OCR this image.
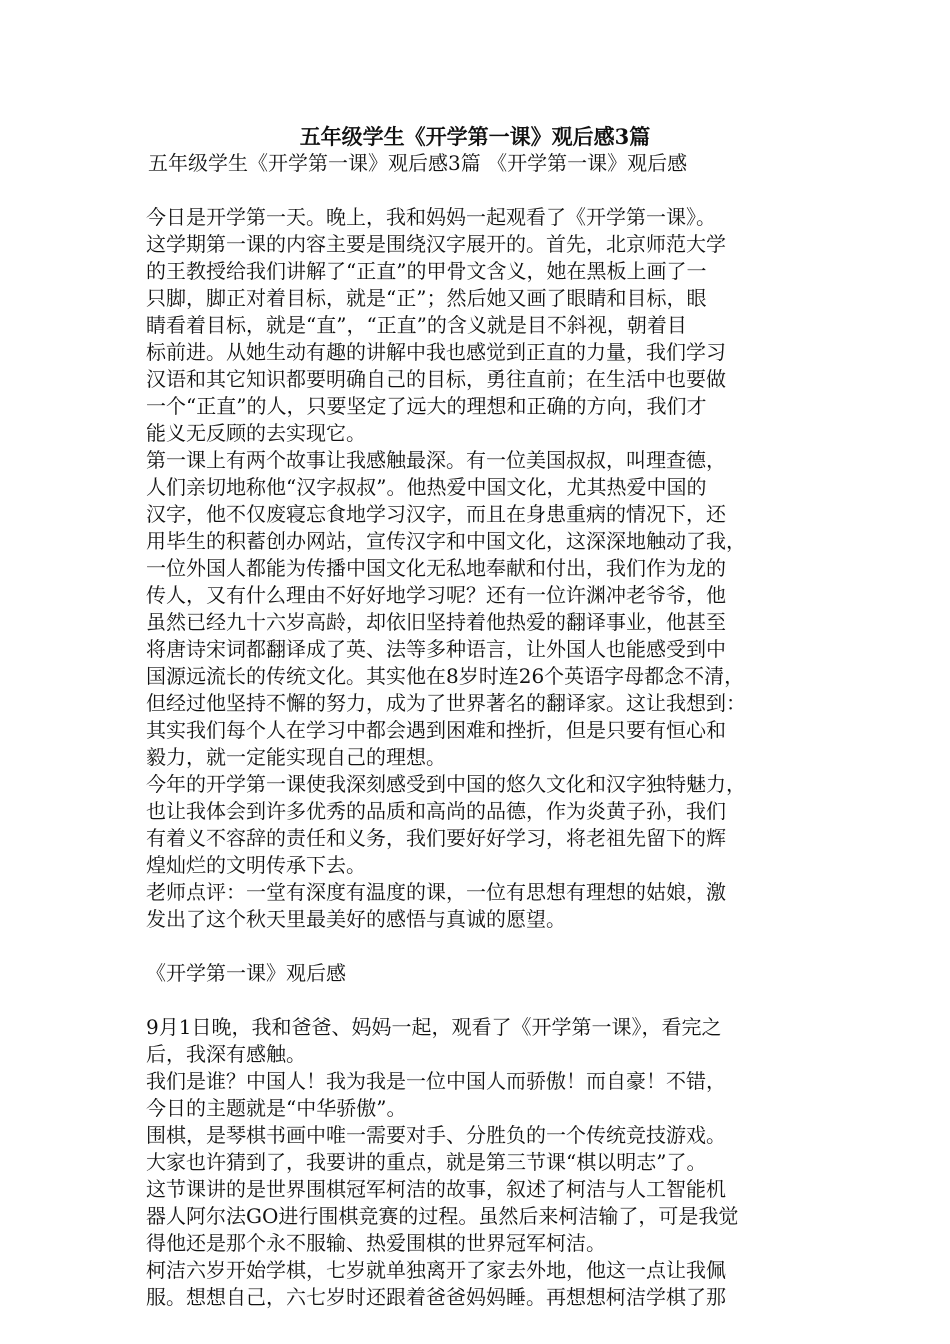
五年级学生《开学第一课》观后感3篇
五年级学生《开学第一课》观后感3篇 《开学第一课》观后感
今日是开学第一天。晚上，我和妈妈一起观看了《开学第一课》。
这学期第一课的内容主要是围绕汉字展开的。首先，北京师范大学
的王教授给我们讲解了“正直”的甲骨文含义，她在黑板上画了一
只脚，脚正对着目标，就是“正”；然后她又画了眼睛和目标，眼
睛看着目标，就是“直”，“正直”的含义就是目不斜视，朝着目
标前进。从她生动有趣的讲解中我也感觉到正直的力量，我们学习
汉语和其它知识都要明确自己的目标，勇往直前；在生活中也要做
一个“正直”的人，只要坚定了远大的理想和正确的方向，我们才
能义无反顾的去实现它。
第一课上有两个故事让我感触最深。有一位美国叔叔，叫理查德，
人们亲切地称他“汉字叔叔”。他热爱中国文化，尤其热爱中国的
汉字，他不仅废寝忘食地学习汉字，而且在身患重病的情况下，还
用毕生的积蓄创办网站，宣传汉字和中国文化，这深深地触动了我，
一位外国人都能为传播中国文化无私地奉献和付出，我们作为龙的
传人，又有什么理由不好好地学习呢？还有一位许渊冲老爷爷，他
虽然已经九十六岁高龄，却依旧坚持着他热爱的翻译事业，他甚至
将唐诗宋词都翻译成了英、法等多种语言，让外国人也能感受到中
国源远流长的传统文化。其实他在8岁时连26个英语字母都念不清，
但经过他坚持不懈的努力，成为了世界著名的翻译家。这让我想到：
其实我们每个人在学习中都会遇到困难和挫折，但是只要有恒心和
毅力，就一定能实现自己的理想。
今年的开学第一课使我深刻感受到中国的悠久文化和汉字独特魅力，
也让我体会到许多优秀的品质和高尚的品德，作为炎黄子孙，我们
有着义不容辞的责任和义务，我们要好好学习，将老祖先留下的辉
煌灿烂的文明传承下去。
老师点评：一堂有深度有温度的课，一位有思想有理想的姑娘，激
发出了这个秋天里最美好的感悟与真诚的愿望。
《开学第一课》观后感
9月1日晚，我和爸爸、妈妈一起，观看了《开学第一课》，看完之
后，我深有感触。
我们是谁？中国人！我为我是一位中国人而骄傲！而自豪！不错，
今日的主题就是“中华骄傲”。
围棋，是琴棋书画中唯一需要对手、分胜负的一个传统竞技游戏。
大家也许猜到了，我要讲的重点，就是第三节课“棋以明志”了。
这节课讲的是世界围棋冠军柯洁的故事，叙述了柯洁与人工智能机
器人阿尔法GO进行围棋竞赛的过程。虽然后来柯洁输了，可是我觉
得他还是那个永不服输、热爱围棋的世界冠军柯洁。
柯洁六岁开始学棋，七岁就单独离开了家去外地，他这一点让我佩
服。想想自己，六七岁时还跟着爸爸妈妈睡。再想想柯洁学棋了那
